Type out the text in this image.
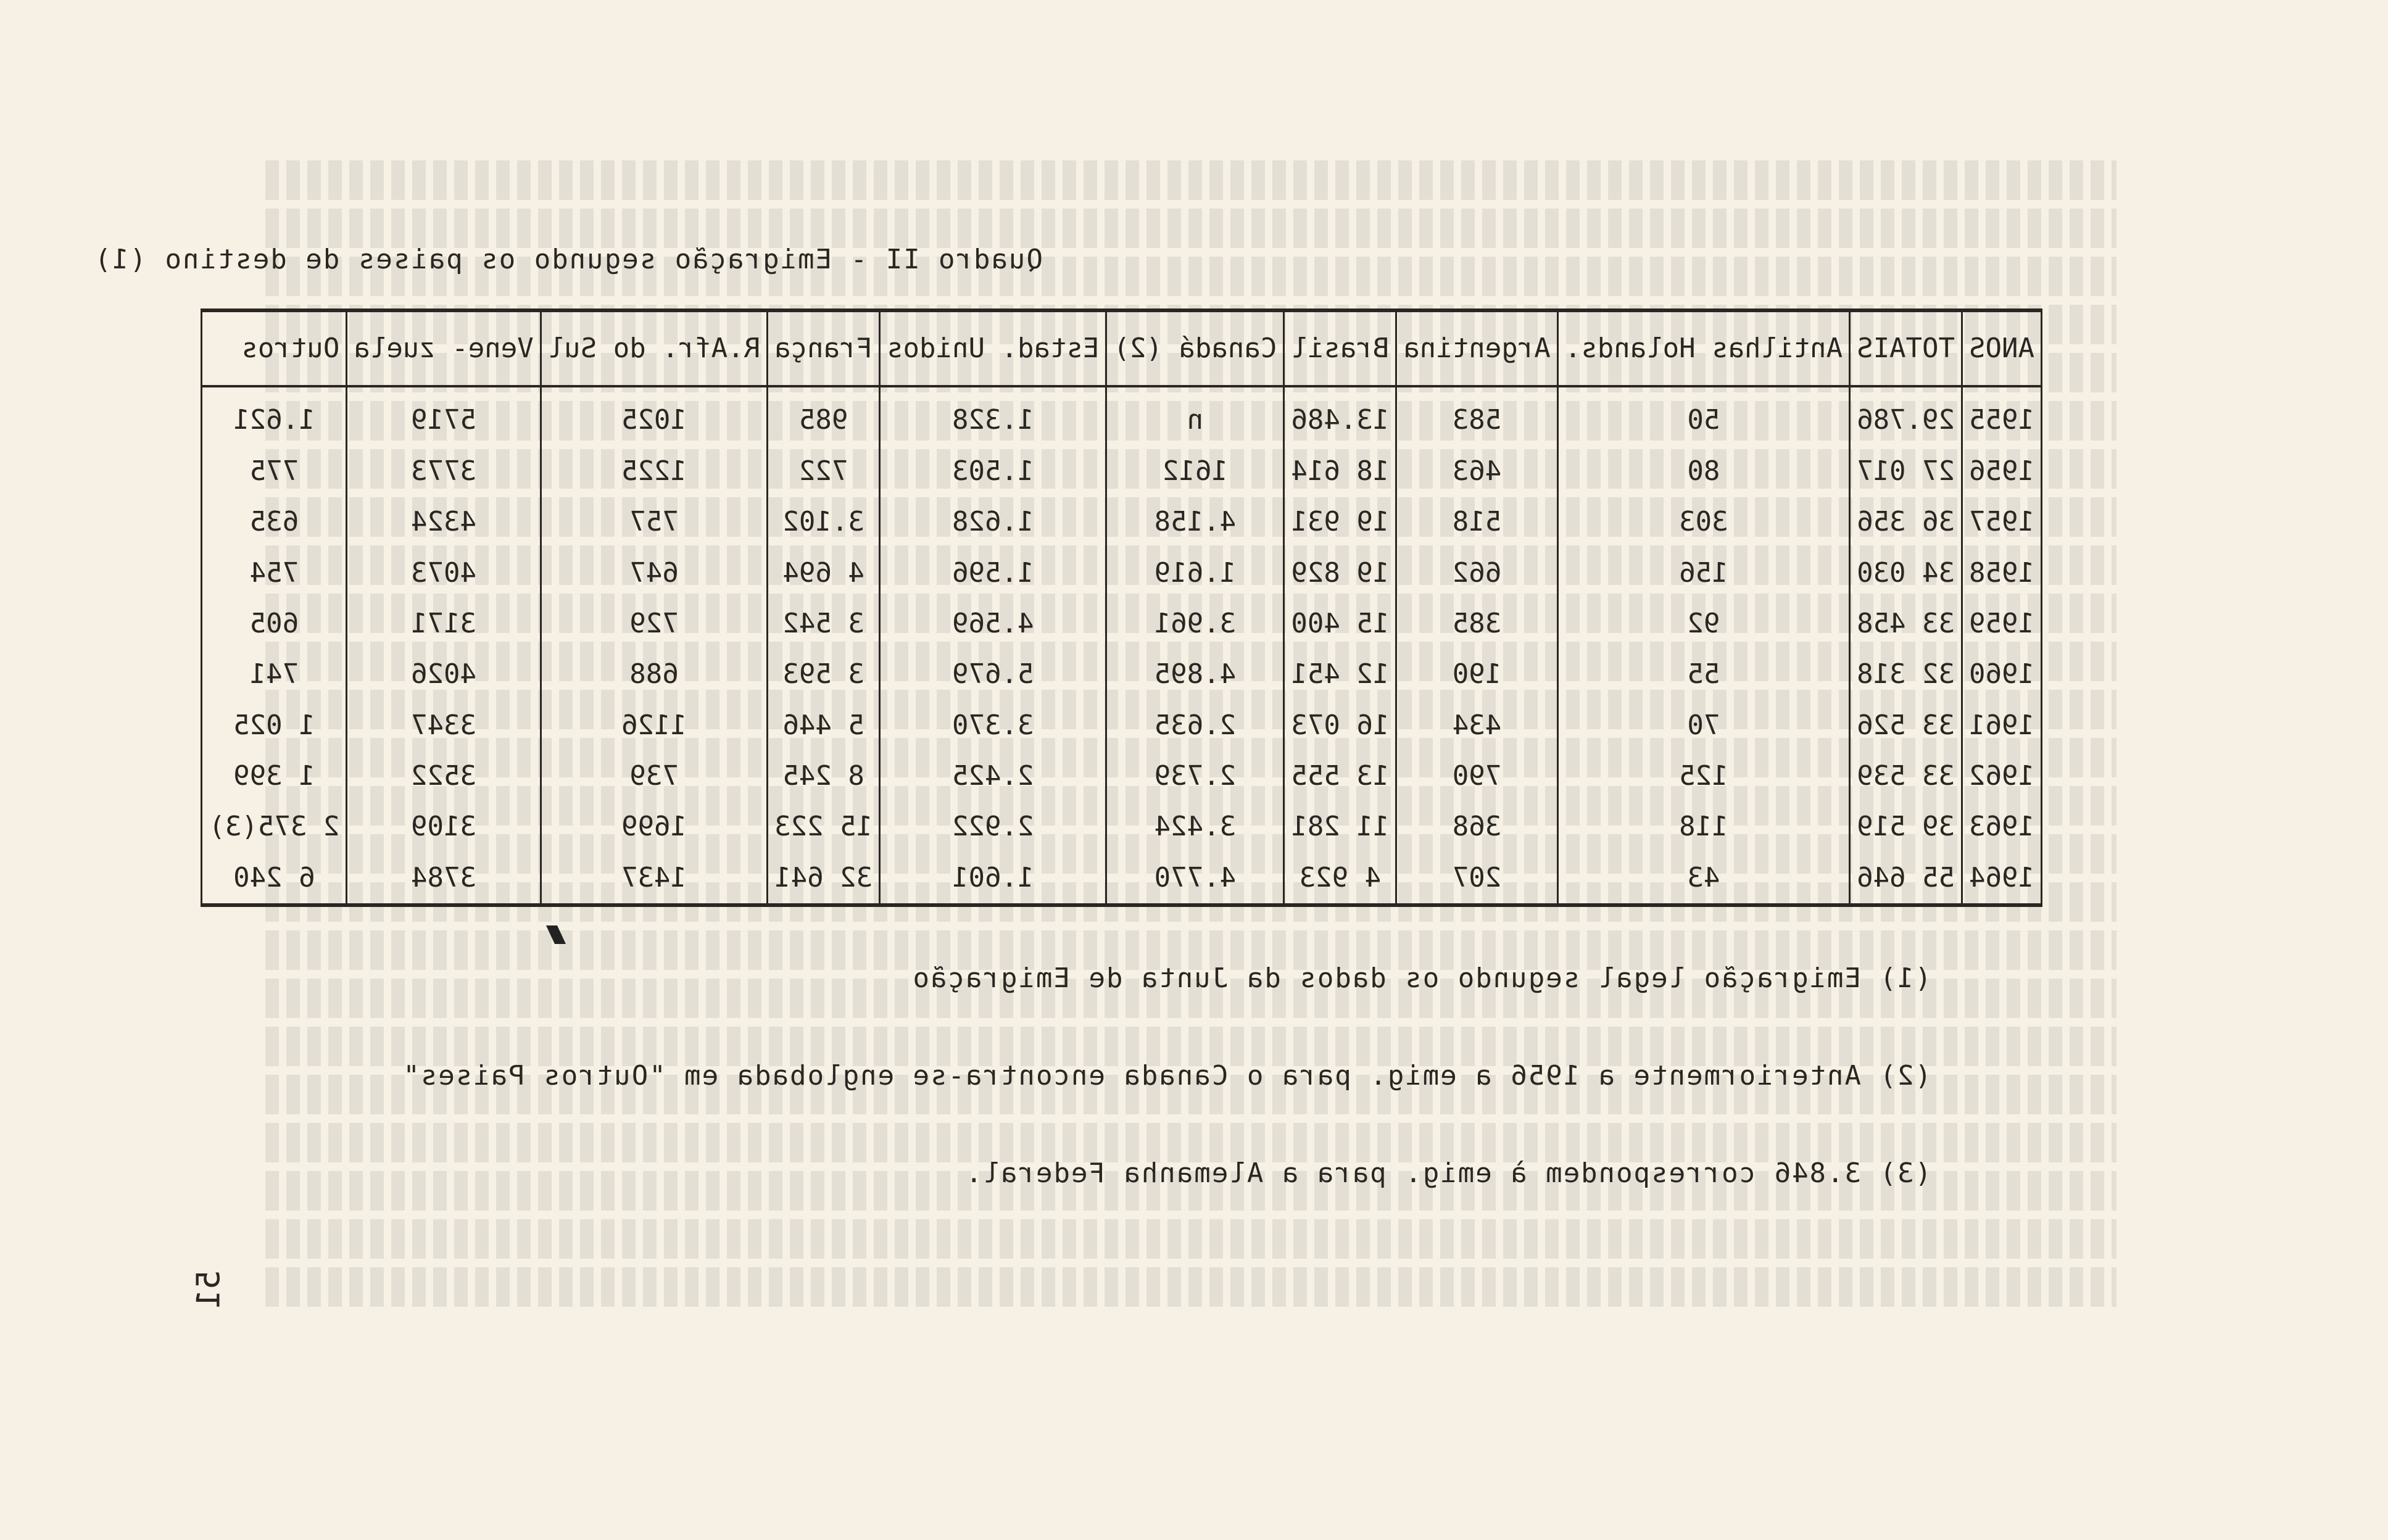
Quadro II - Emigração segundo os paises de destino (1)
ANOS	TOTAIS	Antilhas Holands.	Argentina	Brasil	Canadá (2)	Estad. Unidos	França	R.Afr. do Sul	Vene- zuela	Outros
1955	29.786	50	583	13.486	n	1.328	985	1025	5719	1.621
1956	27 017	80	463	18 614	1612	1.503	722	1225	3773	775
1957	36 356	303	518	19 931	4.158	1.628	3.102	757	4324	635
1958	34 030	156	662	19 829	1.619	1.596	4 694	647	4073	754
1959	33 458	92	385	15 400	3.961	4.569	3 542	729	3171	605
1960	32 318	55	190	12 451	4.895	5.679	3 593	688	4026	741
1961	33 526	70	434	16 073	2.635	3.370	5 446	1126	3347	1 025
1962	33 539	125	790	13 555	2.739	2.425	8 245	739	3522	1 399
1963	39 519	118	368	11 281	3.424	2.922	15 223	1699	3109	2 375(3)
1964	55 646	43	207	4 923	4.770	1.601	32 641	1437	3784	6 240
(1) Emigração legal segundo os dados da Junta de Emigração
(2) Anteriormente a 1956 a emig. para o Canada encontra-se englobada em "Outros Paises"
(3) 3.846 correspondem à emig. para a Alemanha Federal.
51
